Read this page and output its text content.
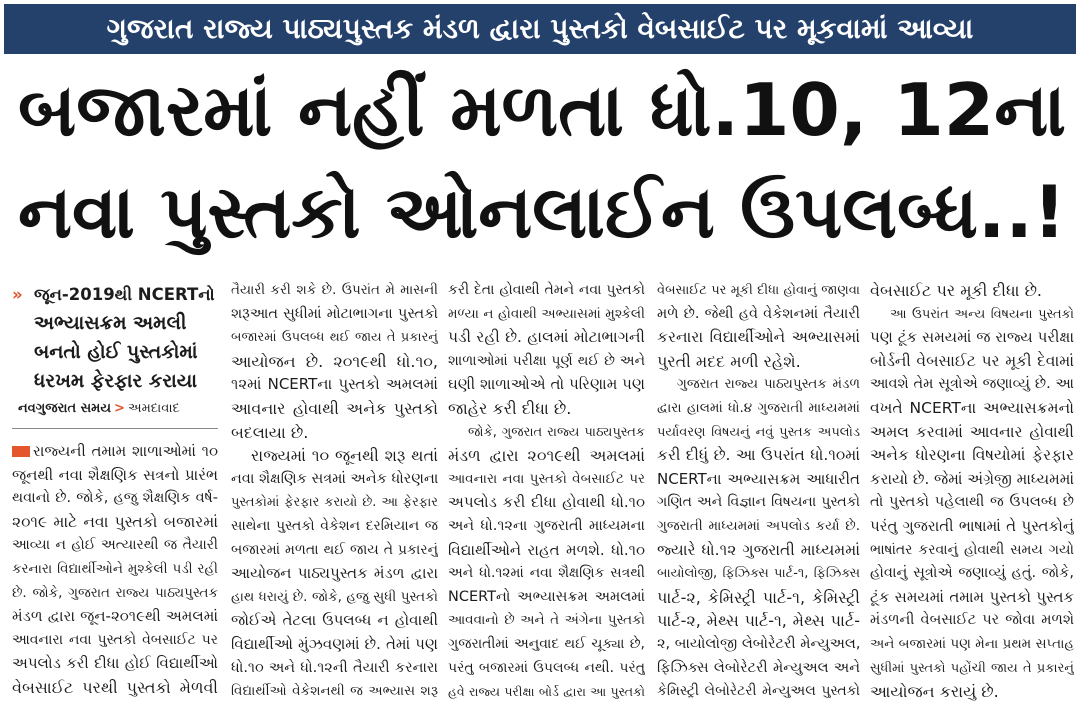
ગુજરાત રાજ્ય પાઠ્યપુસ્તક મંડળ દ્વારા પુસ્તકો વેબસાઈટ પર મૂકવામાં આવ્યા
બજારમાં નહીં મળતા ધો.10, 12ના
નવા પુસ્તકો ઓનલાઈન ઉપલબ્ધ..!
» જૂન-2019થી NCERTનો
અભ્યાસક્રમ અમલી
બનતો હોઈ પુસ્તકોમાં
ધરખમ ફેરફાર કરાયા
નવગુજરાત સમય > અમદાવાદ
રાજ્યની તમામ શાળાઓમાં ૧૦
જૂનથી નવા શૈક્ષણિક સત્રનો પ્રારંભ
થવાનો છે. જોકે, હજુ શૈક્ષણિક વર્ષ-
૨૦૧૯ માટે નવા પુસ્તકો બજારમાં
આવ્યા ન હોઈ અત્યારથી જ તૈયારી
કરનારા વિદ્યાર્થીઓને મુશ્કેલી પડી રહી
છે. જોકે, ગુજરાત રાજ્ય પાઠ્યપુસ્તક
મંડળ દ્વારા જૂન-૨૦૧૯થી અમલમાં
આવનારા નવા પુસ્તકો વેબસાઈટ પર
અપલોડ કરી દીધા હોઈ વિદ્યાર્થીઓ
વેબસાઈટ પરથી પુસ્તકો મેળવી
તૈયારી કરી શકે છે. ઉપરાંત મે માસની
શરૂઆત સુધીમાં મોટાભાગના પુસ્તકો
બજારમાં ઉપલબ્ધ થઈ જાય તે પ્રકારનું
આયોજન છે. ૨૦૧૯થી ધો.૧૦,
૧૨માં NCERTના પુસ્તકો અમલમાં
આવનાર હોવાથી અનેક પુસ્તકો
બદલાયા છે.
રાજ્યમાં ૧૦ જૂનથી શરૂ થતાં
નવા શૈક્ષણિક સત્રમાં અનેક ધોરણના
પુસ્તકોમાં ફેરફાર કરાયો છે. આ ફેરફાર
સાથેના પુસ્તકો વેકેશન દરમિયાન જ
બજારમાં મળતા થઈ જાય તે પ્રકારનું
આયોજન પાઠ્યપુસ્તક મંડળ દ્વારા
હાથ ધરાયું છે. જોકે, હજુ સુધી પુસ્તકો
જોઈએ તેટલા ઉપલબ્ધ ન હોવાથી
વિદ્યાર્થીઓ મુંઝવણમાં છે. તેમાં પણ
ધો.૧૦ અને ધો.૧૨ની તૈયારી કરનારા
વિદ્યાર્થીઓ વેકેશનથી જ અભ્યાસ શરૂ
કરી દેતા હોવાથી તેમને નવા પુસ્તકો
મળ્યા ન હોવાથી અભ્યાસમાં મુશ્કેલી
પડી રહી છે. હાલમાં મોટાભાગની
શાળાઓમાં પરીક્ષા પૂર્ણ થઈ છે અને
ઘણી શાળાઓએ તો પરિણામ પણ
જાહેર કરી દીધા છે.
જોકે, ગુજરાત રાજ્ય પાઠ્યપુસ્તક
મંડળ દ્વારા ૨૦૧૯થી અમલમાં
આવનારા નવા પુસ્તકો વેબસાઈટ પર
અપલોડ કરી દીધા હોવાથી ધો.૧૦
અને ધો.૧૨ના ગુજરાતી માધ્યમના
વિદ્યાર્થીઓને રાહત મળશે. ધો.૧૦
અને ધો.૧૨માં નવા શૈક્ષણિક સત્રથી
NCERTનો અભ્યાસક્રમ અમલમાં
આવવાનો છે અને તે અંગેના પુસ્તકો
ગુજરાતીમાં અનુવાદ થઈ ચૂક્યા છે,
પરંતુ બજારમાં ઉપલબ્ધ નથી. પરંતુ
હવે રાજ્ય પરીક્ષા બોર્ડ દ્વારા આ પુસ્તકો
વેબસાઈટ પર મૂકી દીધા હોવાનું જાણવા
મળે છે. જેથી હવે વેકેશનમાં તૈયારી
કરનારા વિદ્યાર્થીઓને અભ્યાસમાં
પુરતી મદદ મળી રહેશે.
ગુજરાત રાજ્ય પાઠ્યપુસ્તક મંડળ
દ્વારા હાલમાં ધો.૪ ગુજરાતી માધ્યમમાં
પર્યાવરણ વિષયનું નવું પુસ્તક અપલોડ
કરી દીધું છે. આ ઉપરાંત ધો.૧૦માં
NCERTના અભ્યાસક્રમ આધારીત
ગણિત અને વિજ્ઞાન વિષયના પુસ્તકો
ગુજરાતી માધ્યમમાં અપલોડ કર્યા છે.
જ્યારે ધો.૧૨ ગુજરાતી માધ્યમમાં
બાયોલોજી, ફિઝિક્સ પાર્ટ-૧, ફિઝિક્સ
પાર્ટ-૨, કેમિસ્ટ્રી પાર્ટ-૧, કેમિસ્ટ્રી
પાર્ટ-૨, મેથ્સ પાર્ટ-૧, મેથ્સ પાર્ટ-
૨, બાયોલોજી લેબોરેટરી મેન્યુઅલ,
ફિઝિક્સ લેબોરેટરી મેન્યુઅલ અને
કેમિસ્ટ્રી લેબોરેટરી મેન્યુઅલ પુસ્તકો
વેબસાઈટ પર મૂકી દીધા છે.
આ ઉપરાંત અન્ય વિષયના પુસ્તકો
પણ ટૂંક સમયમાં જ રાજ્ય પરીક્ષા
બોર્ડની વેબસાઈટ પર મૂકી દેવામાં
આવશે તેમ સૂત્રોએ જણાવ્યું છે. આ
વખતે NCERTના અભ્યાસક્રમનો
અમલ કરવામાં આવનાર હોવાથી
અનેક ધોરણના વિષયોમાં ફેરફાર
કરાયો છે. જેમાં અંગ્રેજી માધ્યમમાં
તો પુસ્તકો પહેલાથી જ ઉપલબ્ધ છે
પરંતુ ગુજરાતી ભાષામાં તે પુસ્તકોનું
ભાષાંતર કરવાનું હોવાથી સમય ગયો
હોવાનું સૂત્રોએ જણાવ્યું હતું. જોકે,
ટૂંક સમયમાં તમામ પુસ્તકો પુસ્તક
મંડળની વેબસાઈટ પર જોવા મળશે
અને બજારમાં પણ મેના પ્રથમ સપ્તાહ
સુધીમાં પુસ્તકો પહોંચી જાય તે પ્રકારનું
આયોજન કરાયું છે.
